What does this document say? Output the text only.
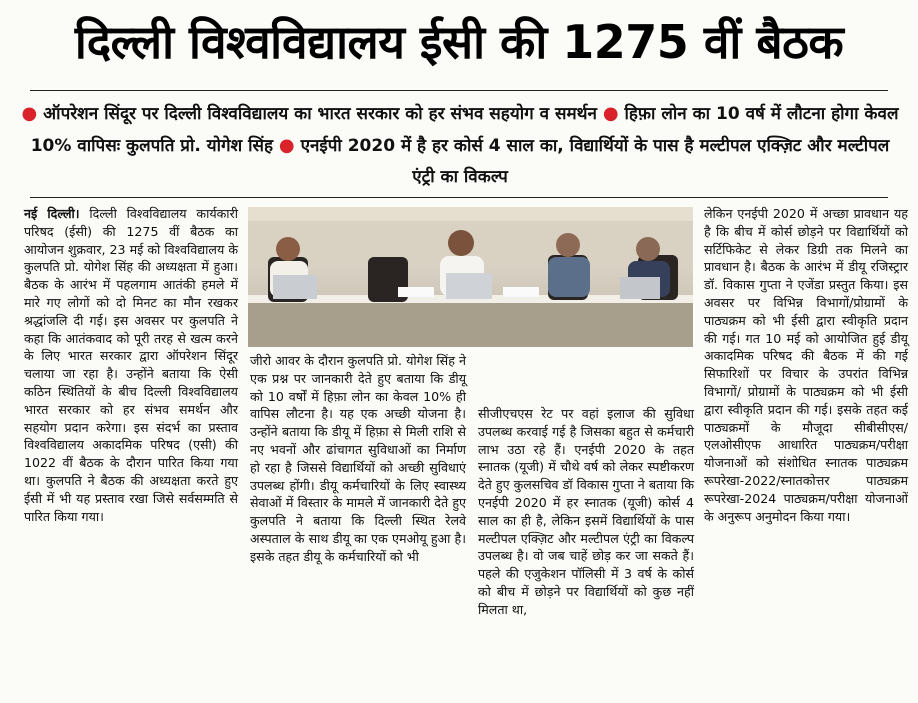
दिल्ली विश्वविद्यालय ईसी की 1275 वीं बैठक
● ऑपरेशन सिंदूर पर दिल्ली विश्वविद्यालय का भारत सरकार को हर संभव सहयोग व समर्थन ● हिफ़ा लोन का 10 वर्ष में लौटना होगा केवल 10% वापिसः कुलपति प्रो. योगेश सिंह ● एनईपी 2020 में है हर कोर्स 4 साल का, विद्यार्थियों के पास है मल्टीपल एक्ज़िट और मल्टीपल एंट्री का विकल्प
नई दिल्ली। दिल्ली विश्वविद्यालय कार्यकारी परिषद (ईसी) की 1275 वीं बैठक का आयोजन शुक्रवार, 23 मई को विश्वविद्यालय के कुलपति प्रो. योगेश सिंह की अध्यक्षता में हुआ। बैठक के आरंभ में पहलगाम आतंकी हमले में मारे गए लोगों को दो मिनट का मौन रखकर श्रद्धांजलि दी गई। इस अवसर पर कुलपति ने कहा कि आतंकवाद को पूरी तरह से खत्म करने के लिए भारत सरकार द्वारा ऑपरेशन सिंदूर चलाया जा रहा है। उन्होंने बताया कि ऐसी कठिन स्थितियों के बीच दिल्ली विश्वविद्यालय भारत सरकार को हर संभव समर्थन और सहयोग प्रदान करेगा। इस संदर्भ का प्रस्ताव विश्वविद्यालय अकादमिक परिषद (एसी) की 1022 वीं बैठक के दौरान पारित किया गया था। कुलपति ने बैठक की अध्यक्षता करते हुए ईसी में भी यह प्रस्ताव रखा जिसे सर्वसम्मति से पारित किया गया।
जीरो आवर के दौरान कुलपति प्रो. योगेश सिंह ने एक प्रश्न पर जानकारी देते हुए बताया कि डीयू को 10 वर्षों में हिफ़ा लोन का केवल 10% ही वापिस लौटना है। यह एक अच्छी योजना है। उन्होंने बताया कि डीयू में हिफ़ा से मिली राशि से नए भवनों और ढांचागत सुविधाओं का निर्माण हो रहा है जिससे विद्यार्थियों को अच्छी सुविधाएं उपलब्ध होंगी। डीयू कर्मचारियों के लिए स्वास्थ्य सेवाओं में विस्तार के मामले में जानकारी देते हुए कुलपति ने बताया कि दिल्ली स्थित रेलवे अस्पताल के साथ डीयू का एक एमओयू हुआ है। इसके तहत डीयू के कर्मचारियों को भी
सीजीएचएस रेट पर वहां इलाज की सुविधा उपलब्ध करवाई गई है जिसका बहुत से कर्मचारी लाभ उठा रहे हैं। एनईपी 2020 के तहत स्नातक (यूजी) में चौथे वर्ष को लेकर स्पष्टीकरण देते हुए कुलसचिव डॉ विकास गुप्ता ने बताया कि एनईपी 2020 में हर स्नातक (यूजी) कोर्स 4 साल का ही है, लेकिन इसमें विद्यार्थियों के पास मल्टीपल एक्ज़िट और मल्टीपल एंट्री का विकल्प उपलब्ध है। वो जब चाहें छोड़ कर जा सकते हैं। पहले की एजुकेशन पॉलिसी में 3 वर्ष के कोर्स को बीच में छोड़ने पर विद्यार्थियों को कुछ नहीं मिलता था,
लेकिन एनईपी 2020 में अच्छा प्रावधान यह है कि बीच में कोर्स छोड़ने पर विद्यार्थियों को सर्टिफिकेट से लेकर डिग्री तक मिलने का प्रावधान है। बैठक के आरंभ में डीयू रजिस्ट्रार डॉ. विकास गुप्ता ने एजेंडा प्रस्तुत किया। इस अवसर पर विभिन्न विभागों/प्रोग्रामों के पाठ्यक्रम को भी ईसी द्वारा स्वीकृति प्रदान की गई। गत 10 मई को आयोजित हुई डीयू अकादमिक परिषद की बैठक में की गई सिफारिशों पर विचार के उपरांत विभिन्न विभागों/ प्रोग्रामों के पाठ्यक्रम को भी ईसी द्वारा स्वीकृति प्रदान की गई। इसके तहत कई पाठ्यक्रमों के मौजूदा सीबीसीएस/एलओसीएफ आधारित पाठ्यक्रम/परीक्षा योजनाओं को संशोधित स्नातक पाठ्यक्रम रूपरेखा-2022/स्नातकोत्तर पाठ्यक्रम रूपरेखा-2024 पाठ्यक्रम/परीक्षा योजनाओं के अनुरूप अनुमोदन किया गया।
